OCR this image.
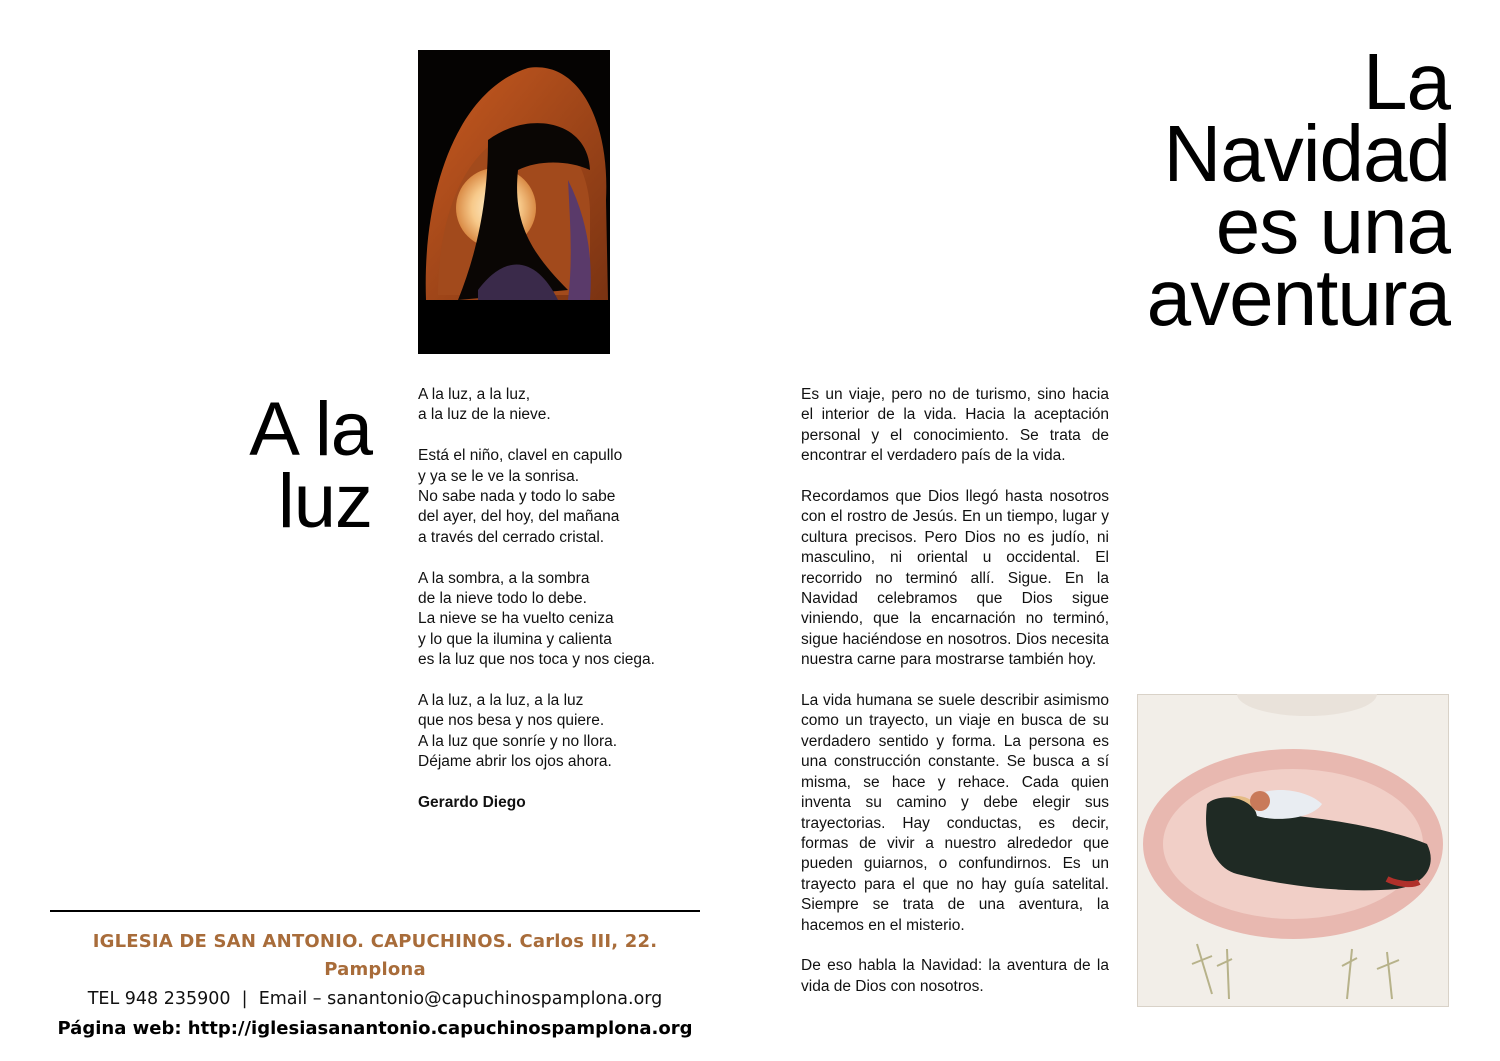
A la
luz
A la luz, a la luz,
a la luz de la nieve.
Está el niño, clavel en capullo
y ya se le ve la sonrisa.
No sabe nada y todo lo sabe
del ayer, del hoy, del mañana
a través del cerrado cristal.
A la sombra, a la sombra
de la nieve todo lo debe.
La nieve se ha vuelto ceniza
y lo que la ilumina y calienta
es la luz que nos toca y nos ciega.
A la luz, a la luz, a la luz
que nos besa y nos quiere.
A la luz que sonríe y no llora.
Déjame abrir los ojos ahora.
Gerardo Diego
IGLESIA DE SAN ANTONIO. CAPUCHINOS. Carlos III, 22. Pamplona
TEL 948 235900  |  Email – sanantonio@capuchinospamplona.org
Página web: http://iglesiasanantonio.capuchinospamplona.org
La
Navidad
es una
aventura

Es un viaje, pero no de turismo, sino hacia el interior de la vida. Hacia la aceptación personal y el conocimiento. Se trata de encontrar el verdadero país de la vida.

Recordamos que Dios llegó hasta nosotros con el rostro de Jesús. En un tiempo, lugar y cultura precisos. Pero Dios no es judío, ni masculino, ni oriental u occidental. El recorrido no terminó allí. Sigue. En la Navidad celebramos que Dios sigue viniendo, que la encarnación no terminó, sigue haciéndose en nosotros. Dios necesita nuestra carne para mostrarse también hoy.

La vida humana se suele describir asimismo como un trayecto, un viaje en busca de su verdadero sentido y forma. La persona es una construcción constante. Se busca a sí misma, se hace y rehace. Cada quien inventa su camino y debe elegir sus trayectorias. Hay conductas, es decir, formas de vivir a nuestro alrededor que pueden guiarnos, o confundirnos. Es un trayecto para el que no hay guía satelital. Siempre se trata de una aventura, la hacemos en el misterio.

De eso habla la Navidad: la aventura de la vida de Dios con nosotros.
